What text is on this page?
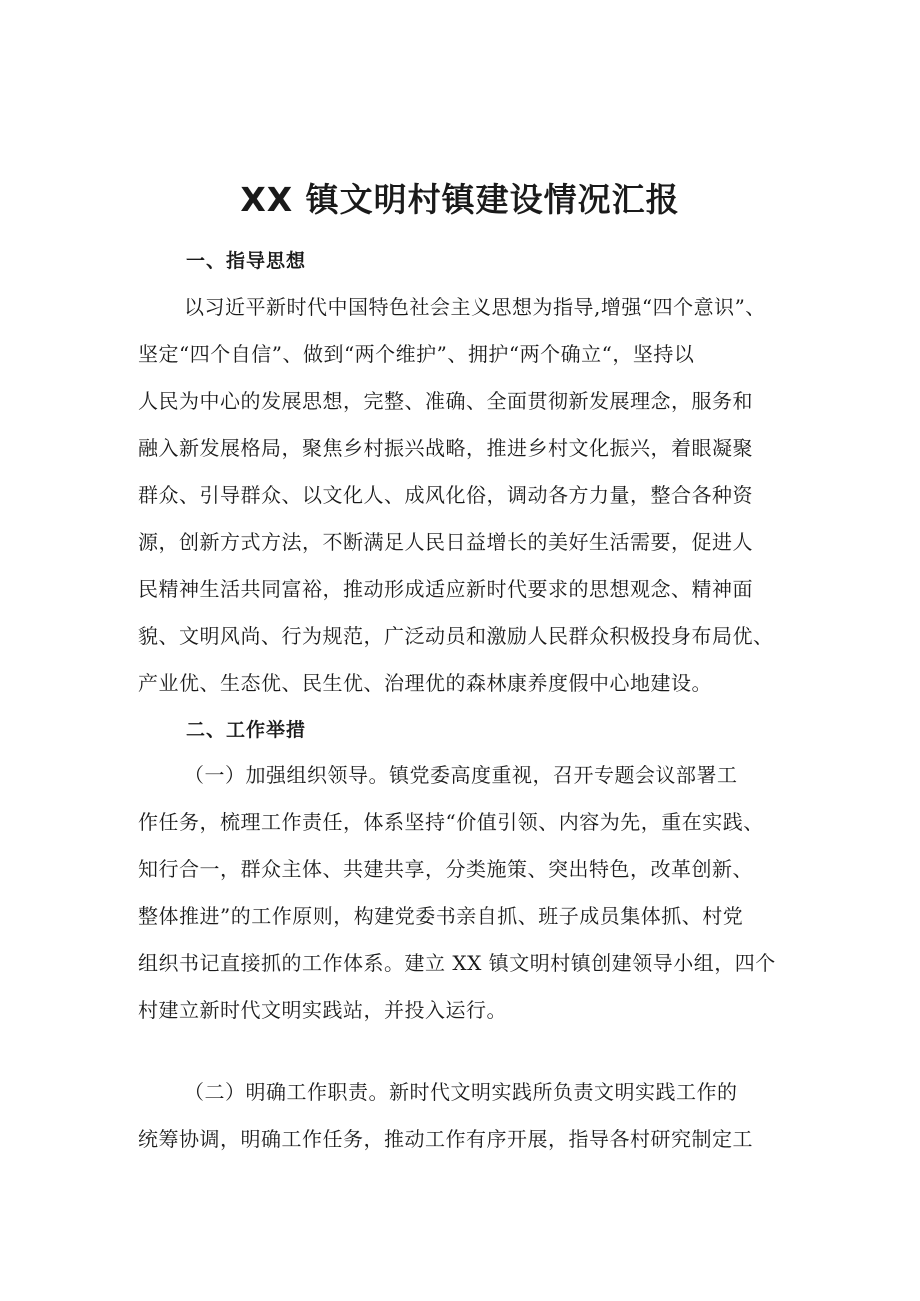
XX 镇文明村镇建设情况汇报
一、指导思想
以习近平新时代中国特色社会主义思想为指导,增强“四个意识”、
坚定“四个自信”、做到“两个维护”、拥护“两个确立“，坚持以
人民为中心的发展思想，完整、准确、全面贯彻新发展理念，服务和
融入新发展格局，聚焦乡村振兴战略，推进乡村文化振兴，着眼凝聚
群众、引导群众、以文化人、成风化俗，调动各方力量，整合各种资
源，创新方式方法，不断满足人民日益增长的美好生活需要，促进人
民精神生活共同富裕，推动形成适应新时代要求的思想观念、精神面
貌、文明风尚、行为规范，广泛动员和激励人民群众积极投身布局优、
产业优、生态优、民生优、治理优的森林康养度假中心地建设。
二、工作举措
（一）加强组织领导。镇党委高度重视，召开专题会议部署工
作任务，梳理工作责任，体系坚持“价值引领、内容为先，重在实践、
知行合一，群众主体、共建共享，分类施策、突出特色，改革创新、
整体推进”的工作原则，构建党委书亲自抓、班子成员集体抓、村党
组织书记直接抓的工作体系。建立 XX 镇文明村镇创建领导小组，四个
村建立新时代文明实践站，并投入运行。
（二）明确工作职责。新时代文明实践所负责文明实践工作的
统筹协调，明确工作任务，推动工作有序开展，指导各村研究制定工
